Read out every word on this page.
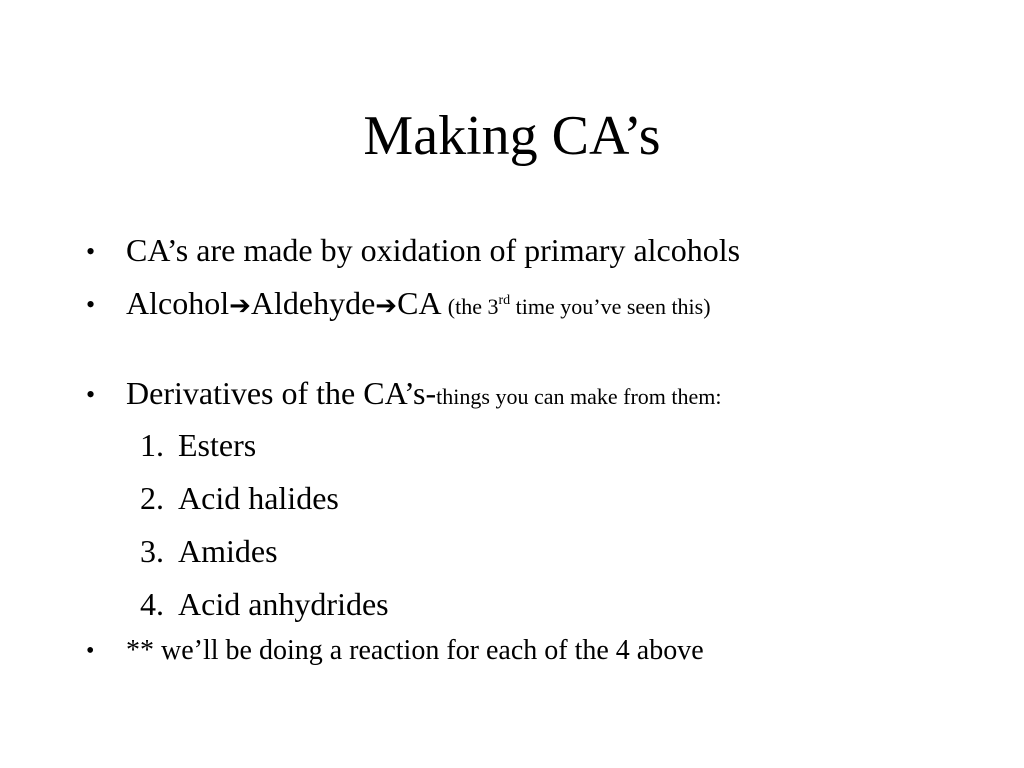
Making CA’s
• CA’s are made by oxidation of primary alcohols
• Alcohol➔Aldehyde➔CA (the 3rd time you’ve seen this)
• Derivatives of the CA’s-things you can make from them:
1. Esters
2. Acid halides
3. Amides
4. Acid anhydrides
• ** we’ll be doing a reaction for each of the 4 above
